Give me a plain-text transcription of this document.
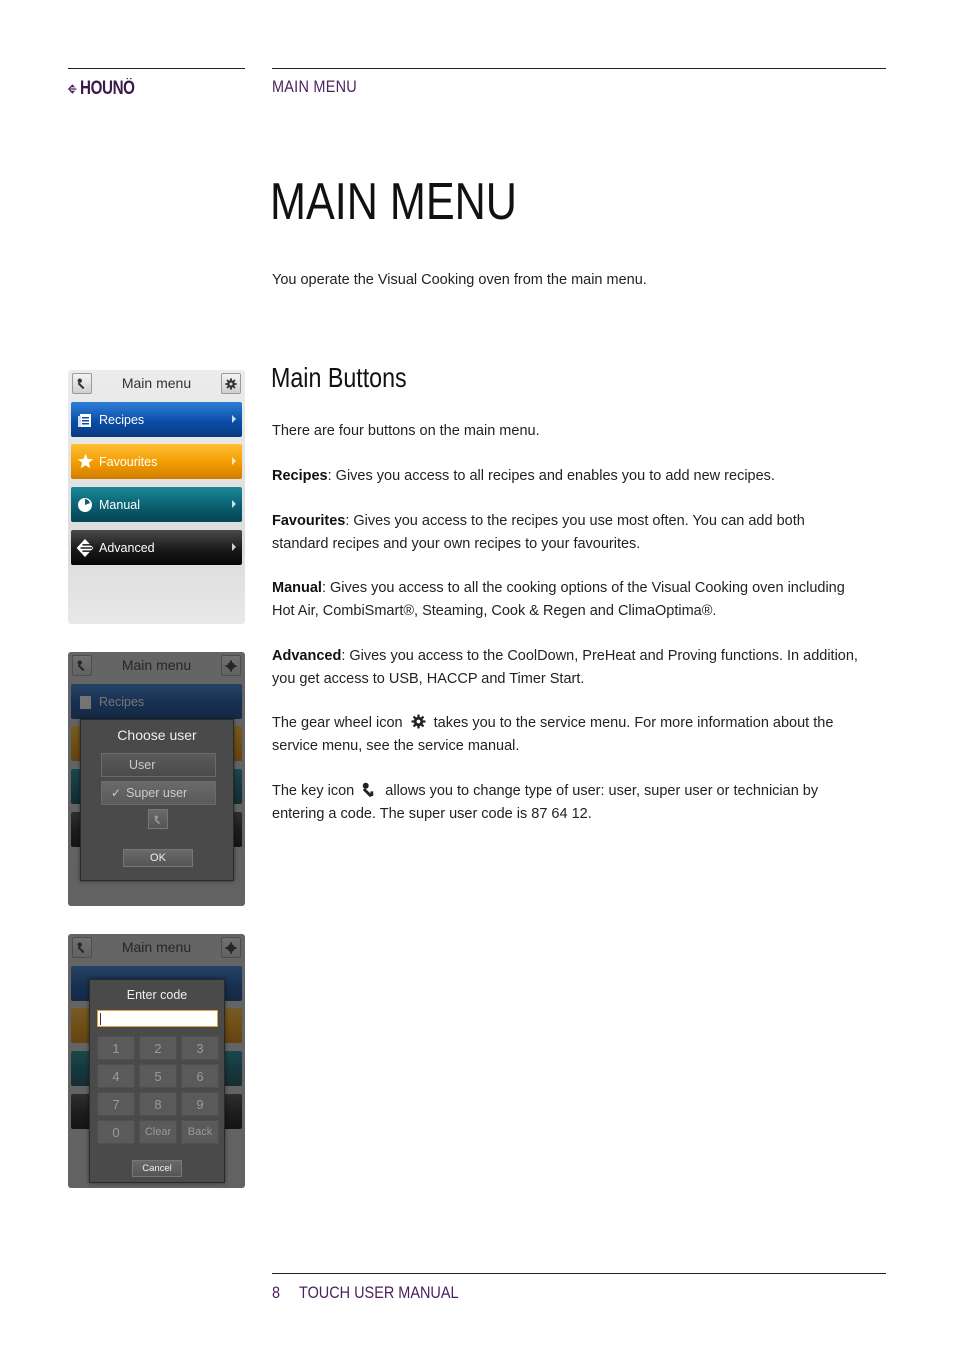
HOUNÖ	MAIN MENU
MAIN MENU
You operate the Visual Cooking oven from the main menu.
Main Buttons
There are four buttons on the main menu.
Recipes: Gives you access to all recipes and enables you to add new recipes.
Favourites: Gives you access to the recipes you use most often. You can add both standard recipes and your own recipes to your favourites.
Manual: Gives you access to all the cooking options of the Visual Cooking oven including Hot Air, CombiSmart®, Steaming, Cook & Regen and ClimaOptima®.
Advanced: Gives you access to the CoolDown, PreHeat and Proving functions. In addition, you get access to USB, HACCP and Timer Start.
The gear wheel icon takes you to the service menu. For more information about the service menu, see the service manual.
The key icon allows you to change type of user: user, super user or technician by entering a code. The super user code is 87 64 12.
Main menu
Recipes
Favourites
Manual
Advanced
Choose user
User
✓ Super user
OK
Enter code
1	2	3
4	5	6
7	8	9
0	Clear	Back
Cancel
8 TOUCH USER MANUAL
